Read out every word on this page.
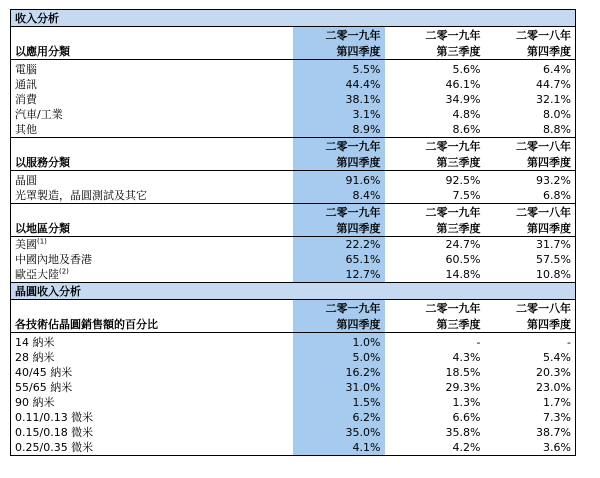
收入分析			
	二零一九年	二零一九年	二零一八年
以應用分類	第四季度	第三季度	第四季度

電腦	5.5%	5.6%	6.4%
通訊	44.4%	46.1%	44.7%
消費	38.1%	34.9%	32.1%
汽車/工業	3.1%	4.8%	8.0%
其他	8.9%	8.6%	8.8%
	二零一九年	二零一九年	二零一八年
以服務分類	第四季度	第三季度	第四季度

晶圓	91.6%	92.5%	93.2%
光罩製造，晶圓測試及其它	8.4%	7.5%	6.8%
	二零一九年	二零一九年	二零一八年
以地區分類	第四季度	第三季度	第四季度
美國$^{(1)}$	22.2%	24.7%	31.7%
中國內地及香港	65.1%	60.5%	57.5%
歐亞大陸$^{(2)}$	12.7%	14.8%	10.8%
晶圓收入分析			
	二零一九年	二零一九年	二零一八年
各技術佔晶圓銷售額的百分比	第四季度	第三季度	第四季度

14 納米	1.0%	-	-
28 納米	5.0%	4.3%	5.4%
40/45 納米	16.2%	18.5%	20.3%
55/65 納米	31.0%	29.3%	23.0%
90 納米	1.5%	1.3%	1.7%
0.11/0.13 微米	6.2%	6.6%	7.3%
0.15/0.18 微米	35.0%	35.8%	38.7%
0.25/0.35 微米	4.1%	4.2%	3.6%
